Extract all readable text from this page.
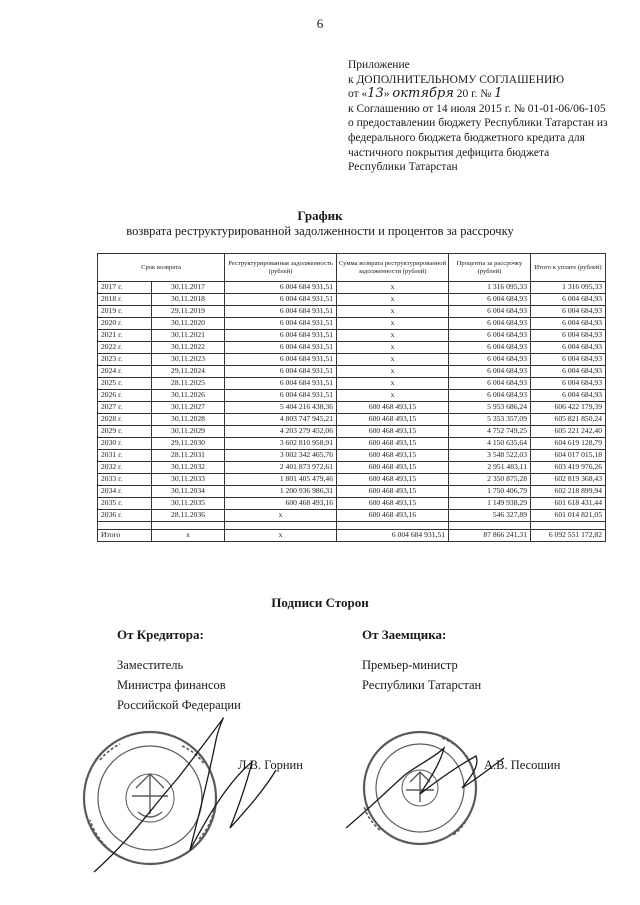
6
Приложение
к ДОПОЛНИТЕЛЬНОМУ СОГЛАШЕНИЮ
от «13» октября 20 г. № 1
к Соглашению от 14 июля 2015 г. № 01-01-06/06-105 о предоставлении бюджету Республики Татарстан из федерального бюджета бюджетного кредита для частичного покрытия дефицита бюджета Республики Татарстан
График
возврата реструктурированной задолженности и процентов за рассрочку
Срок возврата		Реструктурированная задолженность (рублей)	Сумма возврата реструктурированной задолженности (рублей)	Проценты за рассрочку (рублей)	Итого к уплате (рублей)
2017 г.	30.11.2017	6 004 684 931,51	x	1 316 095,33	1 316 095,33
2018 г.	30.11.2018	6 004 684 931,51	x	6 004 684,93	6 004 684,93
2019 г.	29.11.2019	6 004 684 931,51	x	6 004 684,93	6 004 684,93
2020 г.	30.11.2020	6 004 684 931,51	x	6 004 684,93	6 004 684,93
2021 г.	30.11.2021	6 004 684 931,51	x	6 004 684,93	6 004 684,93
2022 г.	30.11.2022	6 004 684 931,51	x	6 004 684,93	6 004 684,93
2023 г.	30.11.2023	6 004 684 931,51	x	6 004 684,93	6 004 684,93
2024 г.	29.11.2024	6 004 684 931,51	x	6 004 684,93	6 004 684,93
2025 г.	28.11.2025	6 004 684 931,51	x	6 004 684,93	6 004 684,93
2026 г.	30.11.2026	6 004 684 931,51	x	6 004 684,93	6 004 684,93
2027 г.	30.11.2027	5 404 216 438,36	600 468 493,15	5 953 686,24	606 422 179,39
2028 г.	30.11.2028	4 803 747 945,21	600 468 493,15	5 353 357,09	605 821 850,24
2029 г.	30.11.2029	4 203 279 452,06	600 468 493,15	4 752 749,25	605 221 242,40
2030 г.	29.11.2030	3 602 810 958,91	600 468 493,15	4 150 635,64	604 619 128,79
2031 г.	28.11.2031	3 002 342 465,76	600 468 493,15	3 548 522,03	604 017 015,18
2032 г.	30.11.2032	2 401 873 972,61	600 468 493,15	2 951 483,11	603 419 976,26
2033 г.	30.11.2033	1 801 405 479,46	600 468 493,15	2 350 875,28	602 819 368,43
2034 г.	30.11.2034	1 200 936 986,31	600 468 493,15	1 750 406,79	602 218 899,94
2035 г.	30.11.2035	600 468 493,16	600 468 493,15	1 149 938,29	601 618 431,44
2036 г.	28.11.2036	x	600 468 493,16	546 327,89	601 014 821,05

Итого	x	x	6 004 684 931,51	87 866 241,31	6 092 551 172,82
Подписи Сторон
От Кредитора:	От Заемщика:
Заместитель
Министра финансов
Российской Федерации
Премьер-министр
Республики Татарстан
Л.В. Горнин	А.В. Песошин
